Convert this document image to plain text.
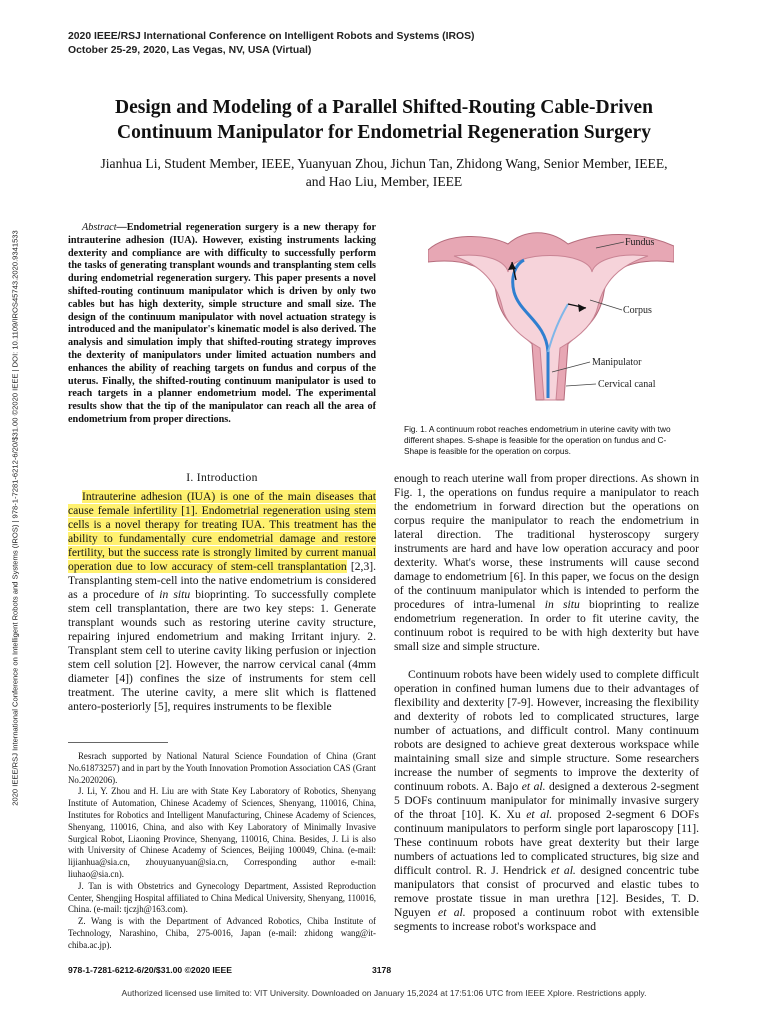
2020 IEEE/RSJ International Conference on Intelligent Robots and Systems (IROS)
October 25-29, 2020, Las Vegas, NV, USA (Virtual)
2020 IEEE/RSJ International Conference on Intelligent Robots and Systems (IROS) | 978-1-7281-6212-6/20/$31.00 ©2020 IEEE | DOI: 10.1109/IROS45743.2020.9341533
Design and Modeling of a Parallel Shifted-Routing Cable-Driven
Continuum Manipulator for Endometrial Regeneration Surgery
Jianhua Li, Student Member, IEEE, Yuanyuan Zhou, Jichun Tan, Zhidong Wang, Senior Member, IEEE,
and Hao Liu, Member, IEEE
Abstract—Endometrial regeneration surgery is a new therapy for intrauterine adhesion (IUA). However, existing instruments lacking dexterity and compliance are with difficulty to successfully perform the tasks of generating transplant wounds and transplanting stem cells during endometrial regeneration surgery. This paper presents a novel shifted-routing continuum manipulator which is driven by only two cables but has high dexterity, simple structure and small size. The design of the continuum manipulator with novel actuation strategy is introduced and the manipulator's kinematic model is also derived. The analysis and simulation imply that shifted-routing strategy improves the dexterity of manipulators under limited actuation numbers and enhances the ability of reaching targets on fundus and corpus of the uterus. Finally, the shifted-routing continuum manipulator is used to reach targets in a planner endometrium model. The experimental results show that the tip of the manipulator can reach all the area of endometrium from proper directions.
Fundus
Corpus
Manipulator
Cervical canal
Fig. 1. A continuum robot reaches endometrium in uterine cavity with two different shapes. S-shape is feasible for the operation on fundus and C-Shape is feasible for the operation on corpus.
I. Introduction

Intrauterine adhesion (IUA) is one of the main diseases that cause female infertility [1]. Endometrial regeneration using stem cells is a novel therapy for treating IUA. This treatment has the ability to fundamentally cure endometrial damage and restore fertility, but the success rate is strongly limited by current manual operation due to low accuracy of stem-cell transplantation [2,3]. Transplanting stem-cell into the native endometrium is considered as a procedure of in situ bioprinting. To successfully complete stem cell transplantation, there are two key steps: 1. Generate transplant wounds such as restoring uterine cavity structure, repairing injured endometrium and making Irritant injury. 2. Transplant stem cell to uterine cavity liking perfusion or injection stem cell solution [2]. However, the narrow cervical canal (4mm diameter [4]) confines the size of instruments for stem cell treatment. The uterine cavity, a mere slit which is flattened antero-posteriorly [5], requires instruments to be flexible

Resrach supported by National Natural Science Foundation of China (Grant No.61873257) and in part by the Youth Innovation Promotion Association CAS (Grant No.2020206).

J. Li, Y. Zhou and H. Liu are with State Key Laboratory of Robotics, Shenyang Institute of Automation, Chinese Academy of Sciences, Shenyang, 110016, China, Institutes for Robotics and Intelligent Manufacturing, Chinese Academy of Sciences, Shenyang, 110016, China, and also with Key Laboratory of Minimally Invasive Surgical Robot, Liaoning Province, Shenyang, 110016, China. Besides, J. Li is also with University of Chinese Academy of Sciences, Beijing 100049, China. (e-mail: lijianhua@sia.cn, zhouyuanyuan@sia.cn, Corresponding author e-mail: liuhao@sia.cn).

J. Tan is with Obstetrics and Gynecology Department, Assisted Reproduction Center, Shengjing Hospital affiliated to China Medical University, Shenyang, 110016, China. (e-mail: tjczjh@163.com).

Z. Wang is with the Department of Advanced Robotics, Chiba Institute of Technology, Narashino, Chiba, 275-0016, Japan (e-mail: zhidong wang@it-chiba.ac.jp).

enough to reach uterine wall from proper directions. As shown in Fig. 1, the operations on fundus require a manipulator to reach the endometrium in forward direction but the operations on corpus require the manipulator to reach the endometrium in lateral direction. The traditional hysteroscopy surgery instruments are hard and have low operation accuracy and poor dexterity. What's worse, these instruments will cause second damage to endometrium [6]. In this paper, we focus on the design of the continuum manipulator which is intended to perform the procedures of intra-lumenal in situ bioprinting to realize endometrium regeneration. In order to fit uterine cavity, the continuum robot is required to be with high dexterity but have small size and simple structure.

Continuum robots have been widely used to complete difficult operation in confined human lumens due to their advantages of flexibility and dexterity [7-9]. However, increasing the flexibility and dexterity of robots led to complicated structures, large number of actuations, and difficult control. Many continuum robots are designed to achieve great dexterous workspace while maintaining small size and simple structure. Some researchers increase the number of segments to improve the dexterity of continuum robots. A. Bajo et al. designed a dexterous 2-segment 5 DOFs continuum manipulator for minimally invasive surgery of the throat [10]. K. Xu et al. proposed 2-segment 6 DOFs continuum manipulators to perform single port laparoscopy [11]. These continuum robots have great dexterity but their large numbers of actuations led to complicated structures, big size and difficult control. R. J. Hendrick et al. designed concentric tube manipulators that consist of procurved and elastic tubes to remove prostate tissue in man urethra [12]. Besides, T. D. Nguyen et al. proposed a continuum robot with extensible segments to increase robot's workspace and

978-1-7281-6212-6/20/$31.00 ©2020 IEEE	3178
Authorized licensed use limited to: VIT University. Downloaded on January 15,2024 at 17:51:06 UTC from IEEE Xplore. Restrictions apply.
